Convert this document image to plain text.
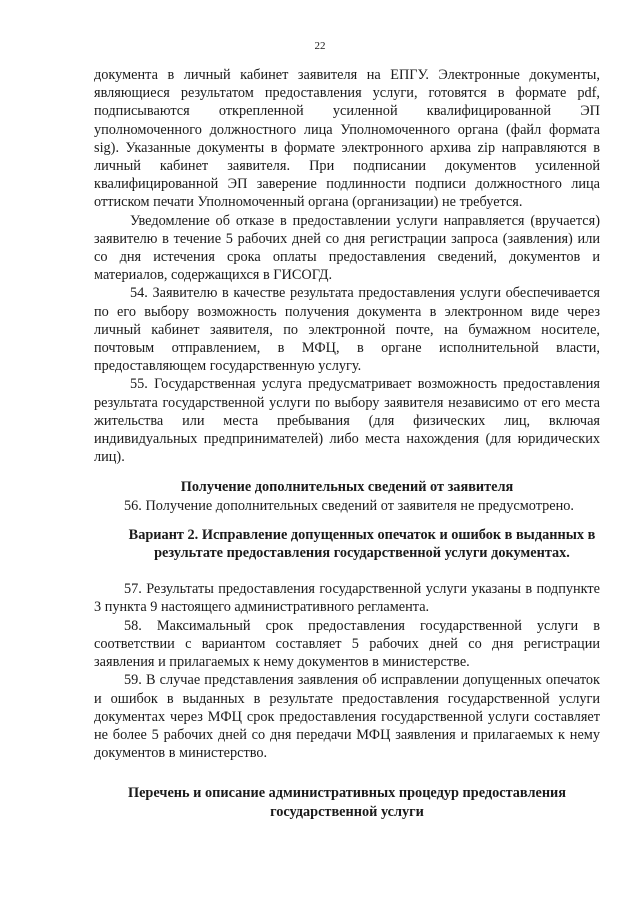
22

документа в личный кабинет заявителя на ЕПГУ. Электронные документы, являющиеся результатом предоставления услуги, готовятся в формате pdf, подписываются открепленной усиленной квалифицированной ЭП уполномоченного должностного лица Уполномоченного органа (файл формата sig). Указанные документы в формате электронного архива zip направляются в личный кабинет заявителя. При подписании документов усиленной квалифицированной ЭП заверение подлинности подписи должностного лица оттиском печати Уполномоченный органа (организации) не требуется.

Уведомление об отказе в предоставлении услуги направляется (вручается) заявителю в течение 5 рабочих дней со дня регистрации запроса (заявления) или со дня истечения срока оплаты предоставления сведений, документов и материалов, содержащихся в ГИСОГД.

54. Заявителю в качестве результата предоставления услуги обеспечивается по его выбору возможность получения документа в электронном виде через личный кабинет заявителя, по электронной почте, на бумажном носителе, почтовым отправлением, в МФЦ, в органе исполнительной власти, предоставляющем государственную услугу.

55. Государственная услуга предусматривает возможность предоставления результата государственной услуги по выбору заявителя независимо от его места жительства или места пребывания (для физических лиц, включая индивидуальных предпринимателей) либо места нахождения (для юридических лиц).

Получение дополнительных сведений от заявителя

56. Получение дополнительных сведений от заявителя не предусмотрено.

Вариант 2. Исправление допущенных опечаток и ошибок в выданных в результате предоставления государственной услуги документах.

57. Результаты предоставления государственной услуги указаны в подпункте 3 пункта 9 настоящего административного регламента.

58. Максимальный срок предоставления государственной услуги в соответствии с вариантом составляет 5 рабочих дней со дня регистрации заявления и прилагаемых к нему документов в министерстве.

59. В случае представления заявления об исправлении допущенных опечаток и ошибок в выданных в результате предоставления государственной услуги документах через МФЦ срок предоставления государственной услуги составляет не более 5 рабочих дней со дня передачи МФЦ заявления и прилагаемых к нему документов в министерство.

Перечень и описание административных процедур предоставления государственной услуги
